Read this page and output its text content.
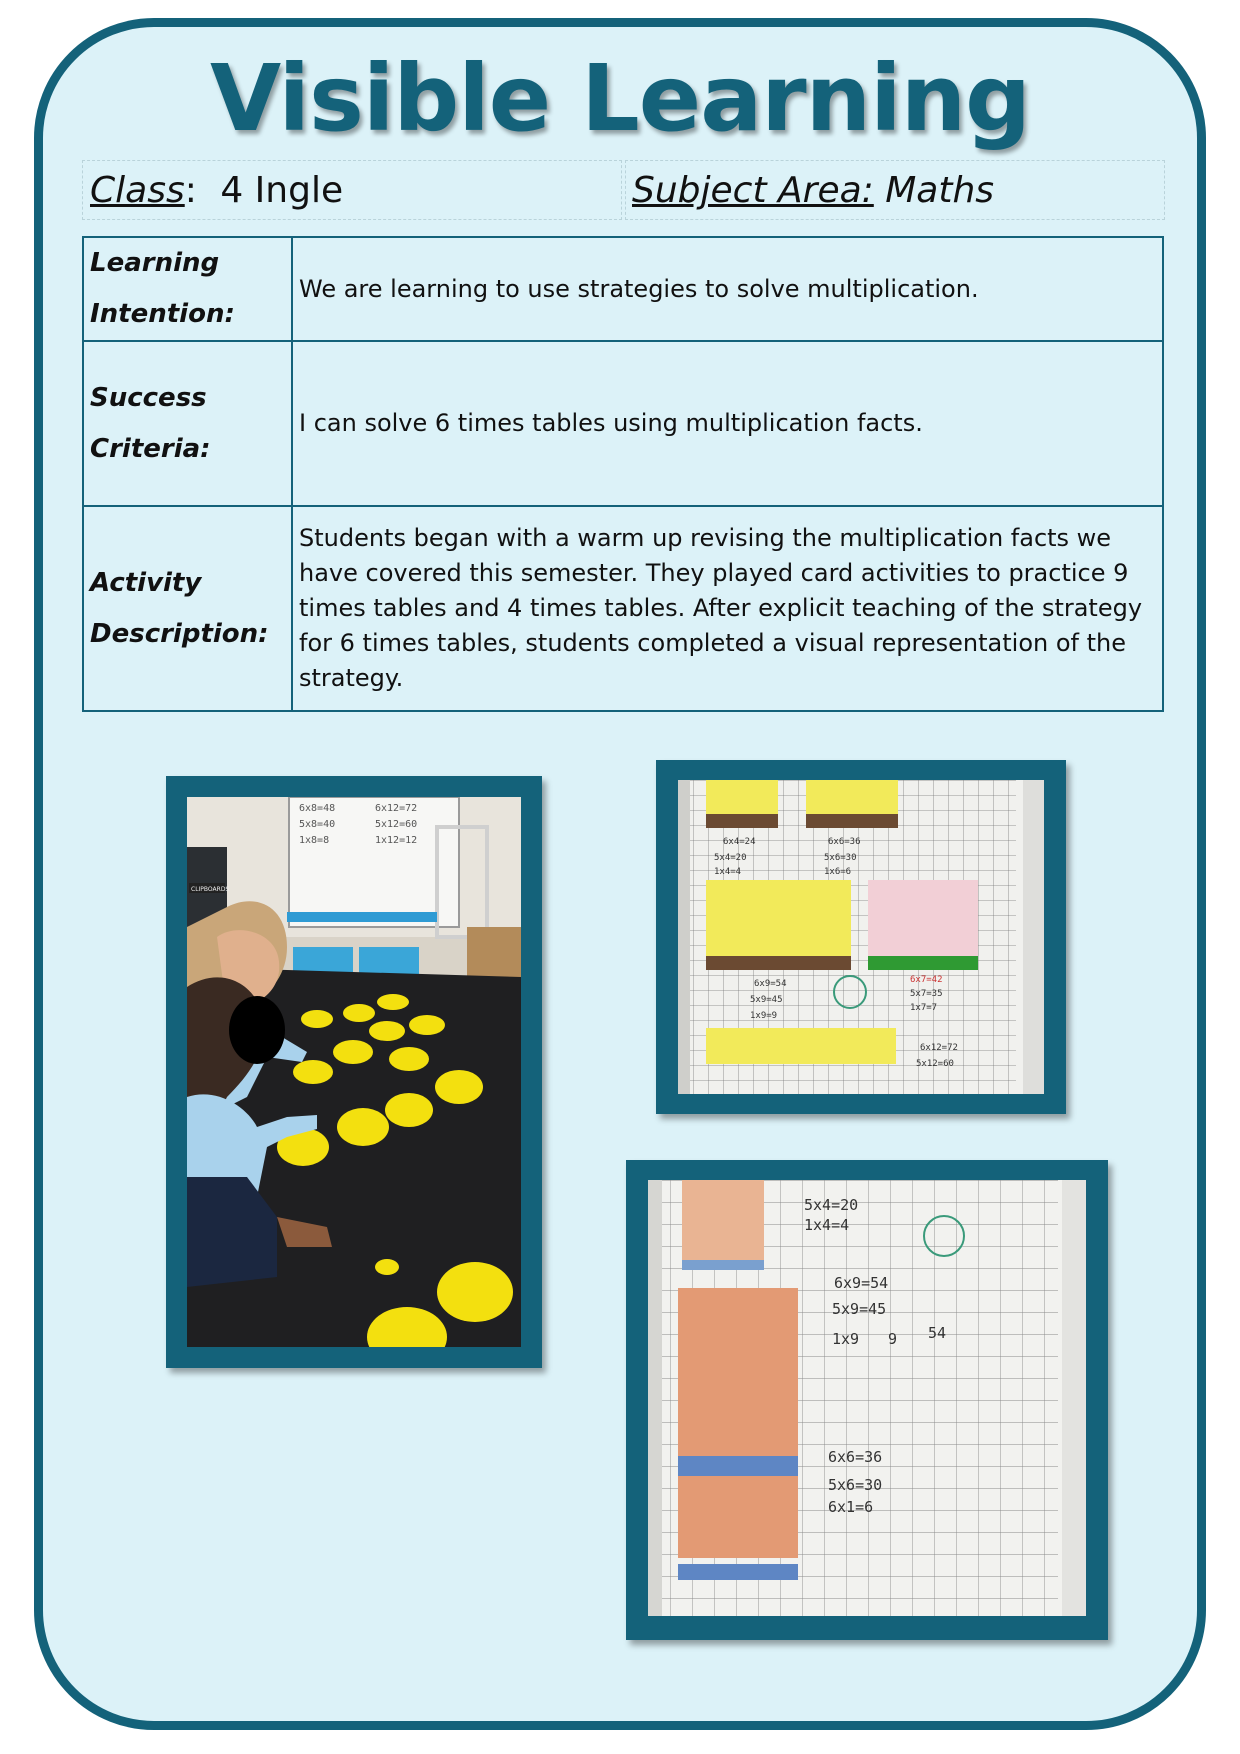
Visible Learning
Class: 4 Ingle	Subject Area: Maths
Learning
Intention:	We are learning to use strategies to solve multiplication.
Success
Criteria:	I can solve 6 times tables using multiplication facts.
Activity
Description:	Students began with a warm up revising the multiplication facts we have covered this semester. They played card activities to practice 9 times tables and 4 times tables. After explicit teaching of the strategy for 6 times tables, students completed a visual representation of the strategy.
6x8=48
5x8=40
1x8=8
6x12=72
5x12=60
1x12=12
CLIPBOARDS
6x4=24
5x4=20
1x4=4
6x6=36
5x6=30
1x6=6
6x9=54
5x9=45
1x9=9
6x7=42
5x7=35
1x7=7
6x12=72
5x12=60
5x4=20
1x4=4
6x9=54
5x9=45
1x9 9 54
6x6=36
5x6=30
6x1=6
